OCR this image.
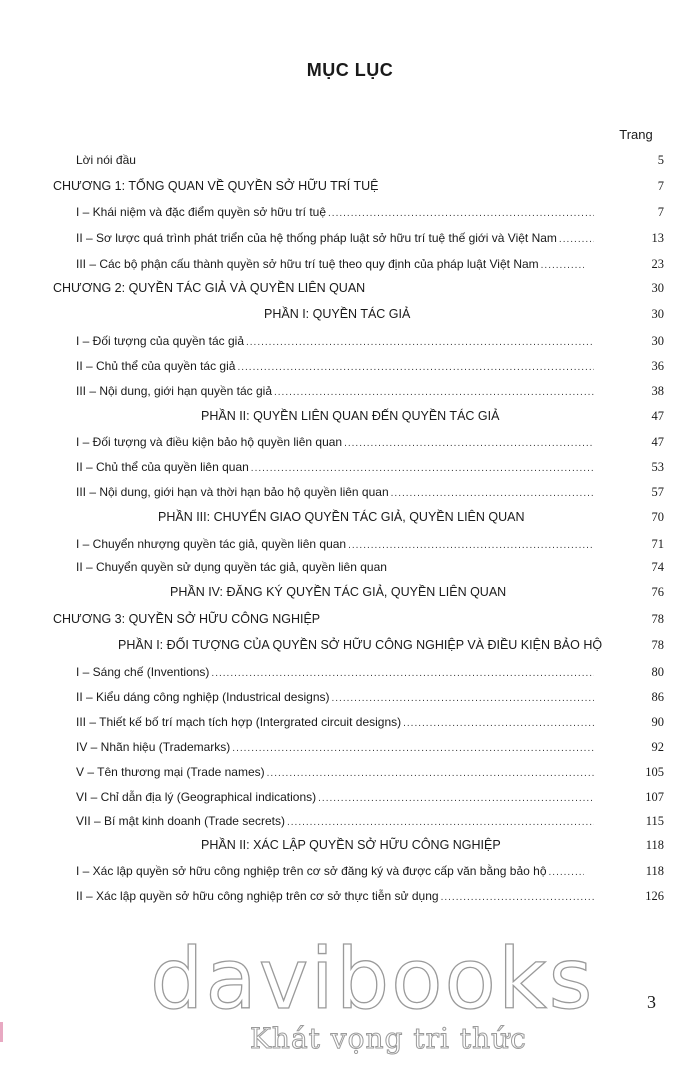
MỤC LỤC
Trang
Lời nói đầu	5
CHƯƠNG 1: TỔNG QUAN VỀ QUYỀN SỞ HỮU TRÍ TUỆ	7
I – Khái niệm và đặc điểm quyền sở hữu trí tuệ .....	7
II – Sơ lược quá trình phát triển của hệ thống pháp luật sở hữu trí tuệ thế giới và Việt Nam .....	13
III – Các bộ phận cấu thành quyền sở hữu trí tuệ theo quy định của pháp luật Việt Nam .....	23
CHƯƠNG 2: QUYỀN TÁC GIẢ VÀ QUYỀN LIÊN QUAN	30
PHẦN I: QUYỀN TÁC GIẢ	30
I – Đối tượng của quyền tác giả .....	30
II – Chủ thể của quyền tác giả .....	36
III – Nội dung, giới hạn quyền tác giả .....	38
PHẦN II: QUYỀN LIÊN QUAN ĐẾN QUYỀN TÁC GIẢ	47
I – Đối tượng và điều kiện bảo hộ quyền liên quan .....	47
II – Chủ thể của quyền liên quan .....	53
III – Nội dung, giới hạn và thời hạn bảo hộ quyền liên quan .....	57
PHẦN III: CHUYỂN GIAO QUYỀN TÁC GIẢ, QUYỀN LIÊN QUAN	70
I – Chuyển nhượng quyền tác giả, quyền liên quan .....	71
II – Chuyển quyền sử dụng quyền tác giả, quyền liên quan	74
PHẦN IV: ĐĂNG KÝ QUYỀN TÁC GIẢ, QUYỀN LIÊN QUAN	76
CHƯƠNG 3: QUYỀN SỞ HỮU CÔNG NGHIỆP	78
PHẦN I: ĐỐI TƯỢNG CỦA QUYỀN SỞ HỮU CÔNG NGHIỆP VÀ ĐIỀU KIỆN BẢO HỘ	78
I – Sáng chế (Inventions) .....	80
II – Kiểu dáng công nghiệp (Industrical designs) .....	86
III – Thiết kế bố trí mạch tích hợp (Intergrated circuit designs) .....	90
IV – Nhãn hiệu (Trademarks) .....	92
V – Tên thương mại (Trade names) .....	105
VI – Chỉ dẫn địa lý (Geographical indications) .....	107
VII – Bí mật kinh doanh (Trade secrets) .....	115
PHẦN II: XÁC LẬP QUYỀN SỞ HỮU CÔNG NGHIỆP	118
I – Xác lập quyền sở hữu công nghiệp trên cơ sở đăng ký và được cấp văn bằng bảo hộ .....	118
II – Xác lập quyền sở hữu công nghiệp trên cơ sở thực tiễn sử dụng .....	126
davibooks	3
Khát vọng tri thức
